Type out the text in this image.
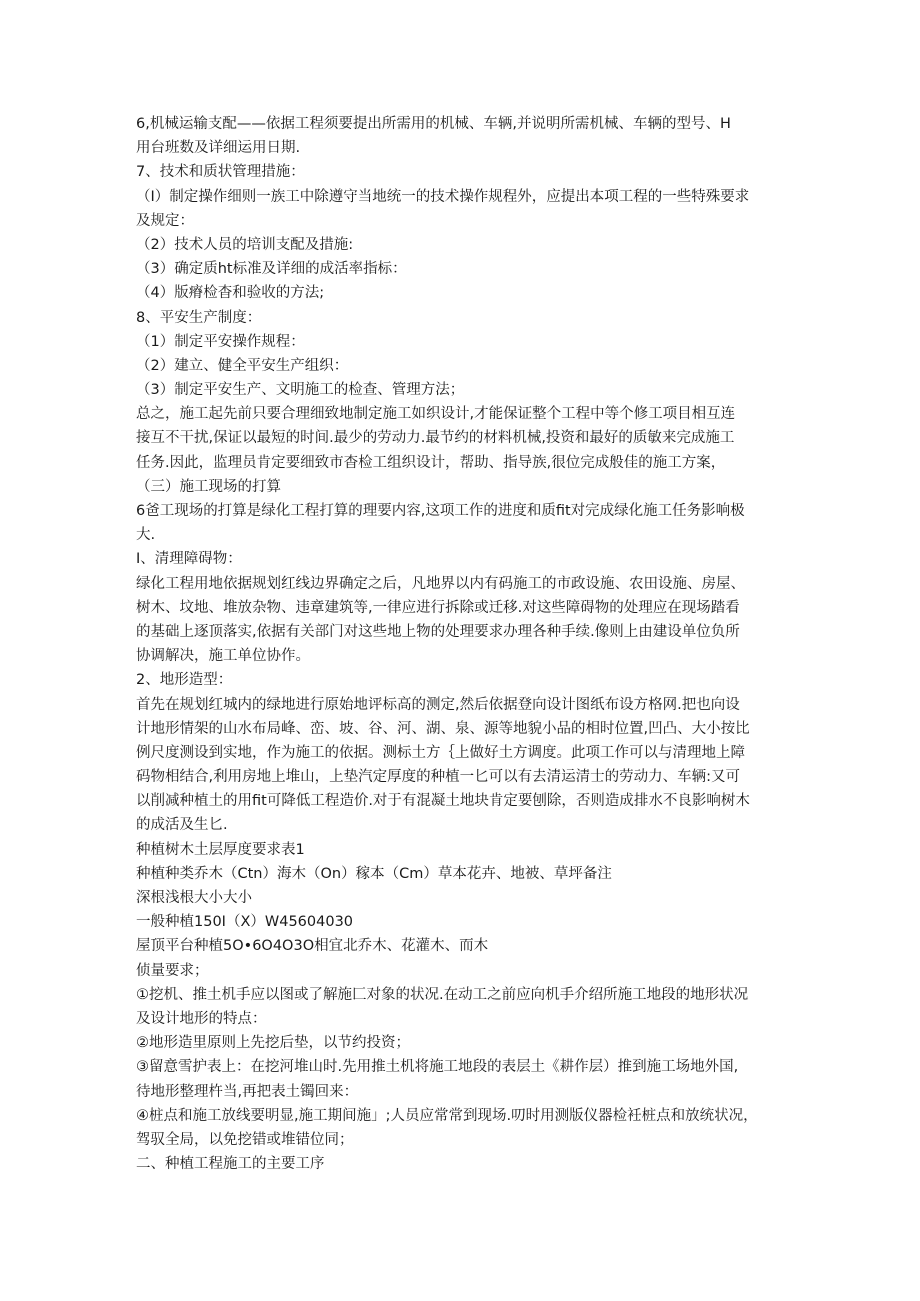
6,机械运输支配——依据工程须要提出所需用的机械、车辆,并说明所需机械、车辆的型号、H
用台班数及详细运用日期.
7、技术和质状管理措施：
（I）制定操作细则一族工中除遵守当地统一的技术操作规程外，应提出本项工程的一些特殊要求
及规定：
（2）技术人员的培训支配及措施:
（3）确定质ht标准及详细的成活率指标：
（4）版瘠检杳和验收的方法;
8、平安生产制度：
（1）制定平安操作规程：
（2）建立、健全平安生产组织：
（3）制定平安生产、文明施工的检查、管理方法；
总之，施工起先前只要合理细致地制定施工如织设计,才能保证整个工程中等个修工项目相互连
接互不干扰,保证以最短的时间.最少的劳动力.最节约的材料机械,投资和最好的质敏来完成施工
任务.因此，监理员肯定要细致市杳检工组织设计，帮助、指导族,很位完成般佳的施工方案，
（三）施工现场的打算
6爸工现场的打算是绿化工程打算的理要内容,这项工作的进度和质fit对完成绿化施工任务影响极
大.
I、清理障碍物：
绿化工程用地依据规划红线边界确定之后，凡地界以内有码施工的市政设施、农田设施、房屋、
树木、坟地、堆放杂物、违章建筑等,一律应进行拆除或迁移.对这些障碍物的处理应在现场踏看
的基础上逐顶落实,依据有关部门对这些地上物的处理要求办理各种手续.像则上由建设单位负所
协调解决，施工单位协作。
2、地形造型：
首先在规划红城内的绿地进行原始地评标高的测定,然后依据登向设计图纸布设方格网.把也向设
计地形情架的山水布局峰、峦、坡、谷、河、湖、泉、源等地貌小品的相时位置,凹凸、大小按比
例尺度测设到实地，作为施工的依据。测标土方｛上做好土方调度。此项工作可以与清理地上障
码物相结合,利用房地上堆山，上垫汽定厚度的种植一匕可以有去清运清士的劳动力、车辆:又可
以削减种植土的用fit可降低工程造价.对于有混凝土地块肯定要刨除，否则造成排水不良影响树木
的成活及生匕.
种植树木土层厚度要求表1
种植种类乔木（Ctn）海木（On）稼本（Cm）草本花卉、地被、草坪备注
深根浅根大小大小
一般种植150I（X）W45604030
屋顶平台种植5O•6O4O3O相宜北乔木、花灌木、而木
侦量要求；
①挖机、推土机手应以图或了解施匚对象的状况.在动工之前应向机手介绍所施工地段的地形状况
及设计地形的特点：
②地形造里原则上先挖后垫，以节约投资；
③留意雪护表上：在挖河堆山时.先用推土机将施工地段的表层土《耕作层）推到施工场地外国,
待地形整理杵当,再把表土镯回来：
④桩点和施工放线要明显,施工期间施」;人员应常常到现场.叨时用测版仪器检衽桩点和放统状况，
驾驭全局，以免挖错或堆错位同；
二、种植工程施工的主要工序
